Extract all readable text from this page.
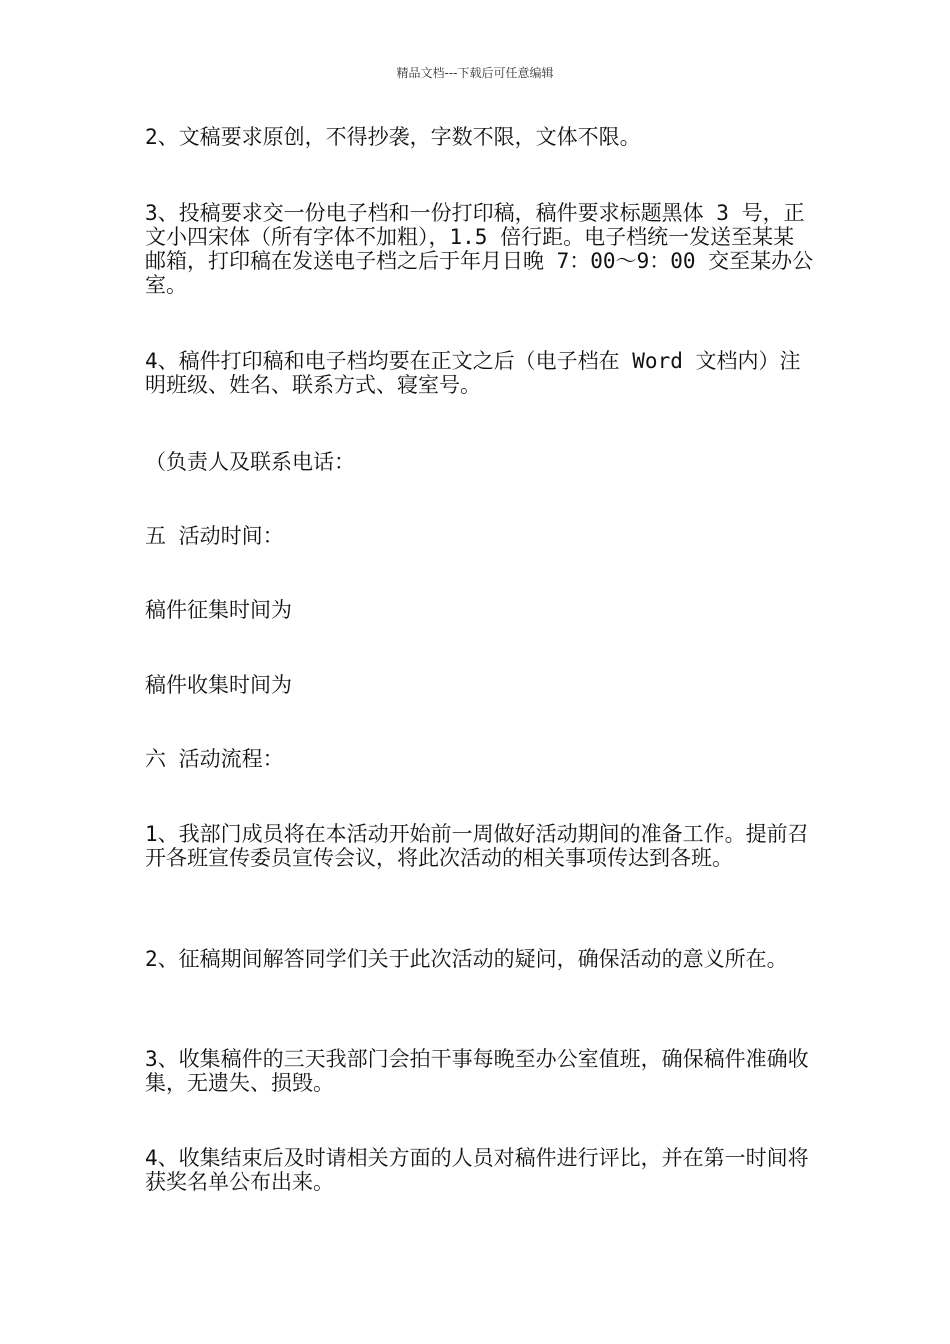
精品文档---下载后可任意编辑
2、文稿要求原创，不得抄袭，字数不限，文体不限。
3、投稿要求交一份电子档和一份打印稿，稿件要求标题黑体 3 号，正文小四宋体（所有字体不加粗），1.5 倍行距。电子档统一发送至某某邮箱，打印稿在发送电子档之后于年月日晚 7：00～9：00 交至某办公室。
4、稿件打印稿和电子档均要在正文之后（电子档在 Word 文档内）注明班级、姓名、联系方式、寝室号。
（负责人及联系电话：
五 活动时间：
稿件征集时间为
稿件收集时间为
六 活动流程：
1、我部门成员将在本活动开始前一周做好活动期间的准备工作。提前召开各班宣传委员宣传会议，将此次活动的相关事项传达到各班。
2、征稿期间解答同学们关于此次活动的疑问，确保活动的意义所在。
3、收集稿件的三天我部门会拍干事每晚至办公室值班，确保稿件准确收集，无遗失、损毁。
4、收集结束后及时请相关方面的人员对稿件进行评比，并在第一时间将获奖名单公布出来。
